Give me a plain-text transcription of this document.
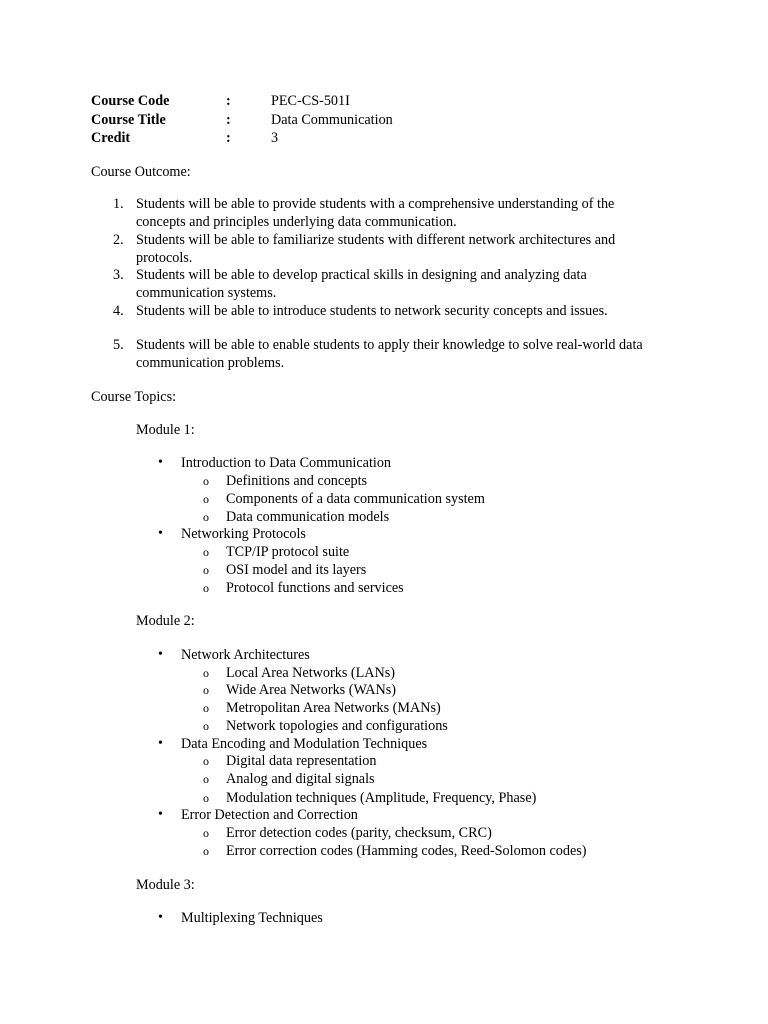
Course Code	:	PEC-CS-501I
Course Title	:	Data Communication
Credit	:	3
Course Outcome:
1. Students will be able to provide students with a comprehensive understanding of the concepts and principles underlying data communication.
2. Students will be able to familiarize students with different network architectures and protocols.
3. Students will be able to develop practical skills in designing and analyzing data communication systems.
4. Students will be able to introduce students to network security concepts and issues.
5. Students will be able to enable students to apply their knowledge to solve real-world data communication problems.
Course Topics:
Module 1:
• Introduction to Data Communication
o Definitions and concepts
o Components of a data communication system
o Data communication models
• Networking Protocols
o TCP/IP protocol suite
o OSI model and its layers
o Protocol functions and services
Module 2:
• Network Architectures
o Local Area Networks (LANs)
o Wide Area Networks (WANs)
o Metropolitan Area Networks (MANs)
o Network topologies and configurations
• Data Encoding and Modulation Techniques
o Digital data representation
o Analog and digital signals
o Modulation techniques (Amplitude, Frequency, Phase)
• Error Detection and Correction
o Error detection codes (parity, checksum, CRC)
o Error correction codes (Hamming codes, Reed-Solomon codes)
Module 3:
• Multiplexing Techniques
